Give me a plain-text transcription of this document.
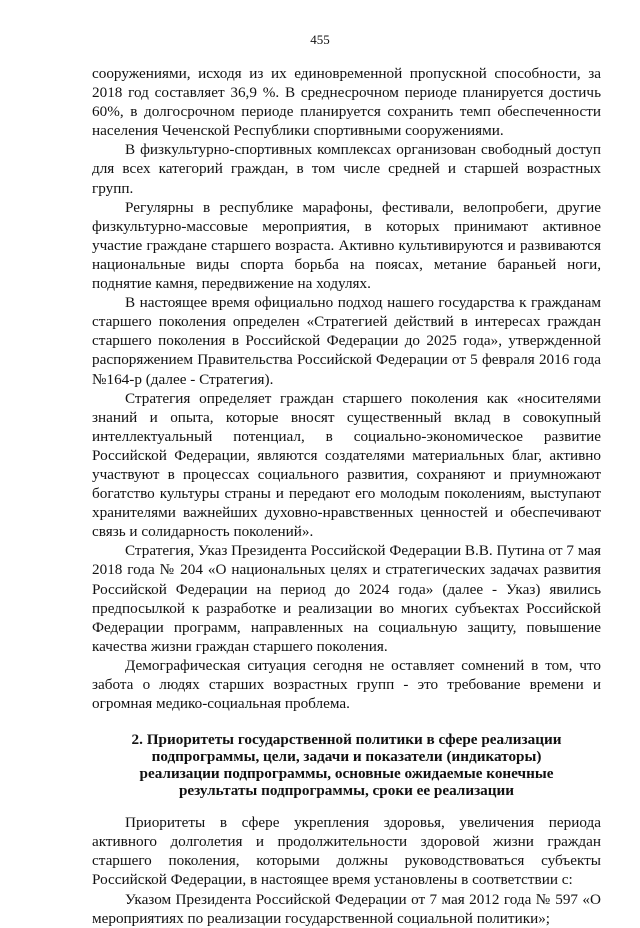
455

сооружениями, исходя из их единовременной пропускной способности, за 2018 год составляет 36,9 %. В среднесрочном периоде планируется достичь 60%, в долгосрочном периоде планируется сохранить темп обеспеченности населения Чеченской Республики спортивными сооружениями.

В физкультурно-спортивных комплексах организован свободный доступ для всех категорий граждан, в том числе средней и старшей возрастных групп.

Регулярны в республике марафоны, фестивали, велопробеги, другие физкультурно-массовые мероприятия, в которых принимают активное участие граждане старшего возраста. Активно культивируются и развиваются национальные виды спорта борьба на поясах, метание бараньей ноги, поднятие камня, передвижение на ходулях.

В настоящее время официально подход нашего государства к гражданам старшего поколения определен «Стратегией действий в интересах граждан старшего поколения в Российской Федерации до 2025 года», утвержденной распоряжением Правительства Российской Федерации от 5 февраля 2016 года №164-р (далее - Стратегия).

Стратегия определяет граждан старшего поколения как «носителями знаний и опыта, которые вносят существенный вклад в совокупный интеллектуальный потенциал, в социально-экономическое развитие Российской Федерации, являются создателями материальных благ, активно участвуют в процессах социального развития, сохраняют и приумножают богатство культуры страны и передают его молодым поколениям, выступают хранителями важнейших духовно-нравственных ценностей и обеспечивают связь и солидарность поколений».

Стратегия, Указ Президента Российской Федерации В.В. Путина от 7 мая 2018 года № 204 «О национальных целях и стратегических задачах развития Российской Федерации на период до 2024 года» (далее - Указ) явились предпосылкой к разработке и реализации во многих субъектах Российской Федерации программ, направленных на социальную защиту, повышение качества жизни граждан старшего поколения.

Демографическая ситуация сегодня не оставляет сомнений в том, что забота о людях старших возрастных групп - это требование времени и огромная медико-социальная проблема.

2. Приоритеты государственной политики в сфере реализации
подпрограммы, цели, задачи и показатели (индикаторы)
реализации подпрограммы, основные ожидаемые конечные
результаты подпрограммы, сроки ее реализации

Приоритеты в сфере укрепления здоровья, увеличения периода активного долголетия и продолжительности здоровой жизни граждан старшего поколения, которыми должны руководствоваться субъекты Российской Федерации, в настоящее время установлены в соответствии с:

Указом Президента Российской Федерации от 7 мая 2012 года № 597 «О мероприятиях по реализации государственной социальной политики»;
